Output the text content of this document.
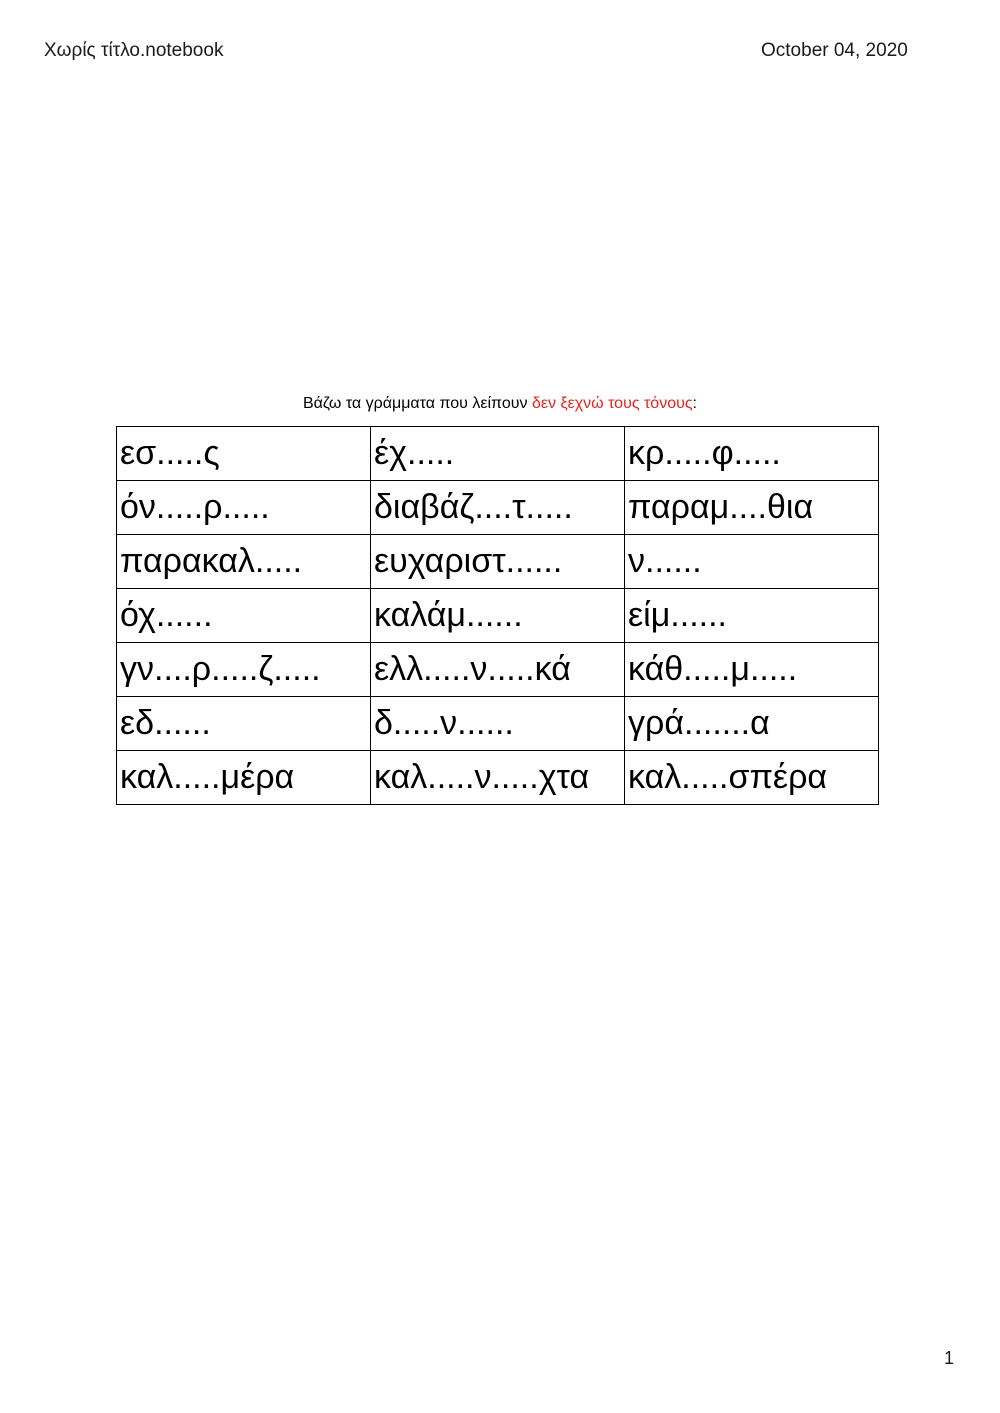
Χωρίς τίτλο.notebook	October 04, 2020
Βάζω τα γράμματα που λείπουν δεν ξεχνώ τους τόνους:
εσ.....ς	έχ.....	κρ.....φ.....
όν.....ρ.....	διαβάζ....τ.....	παραμ....θια
παρακαλ.....	ευχαριστ......	ν......
όχ......	καλάμ......	είμ......
γν....ρ.....ζ.....	ελλ.....ν.....κά	κάθ.....μ.....
εδ......	δ.....ν......	γρά.......α
καλ.....μέρα	καλ.....ν.....χτα	καλ.....σπέρα
1
